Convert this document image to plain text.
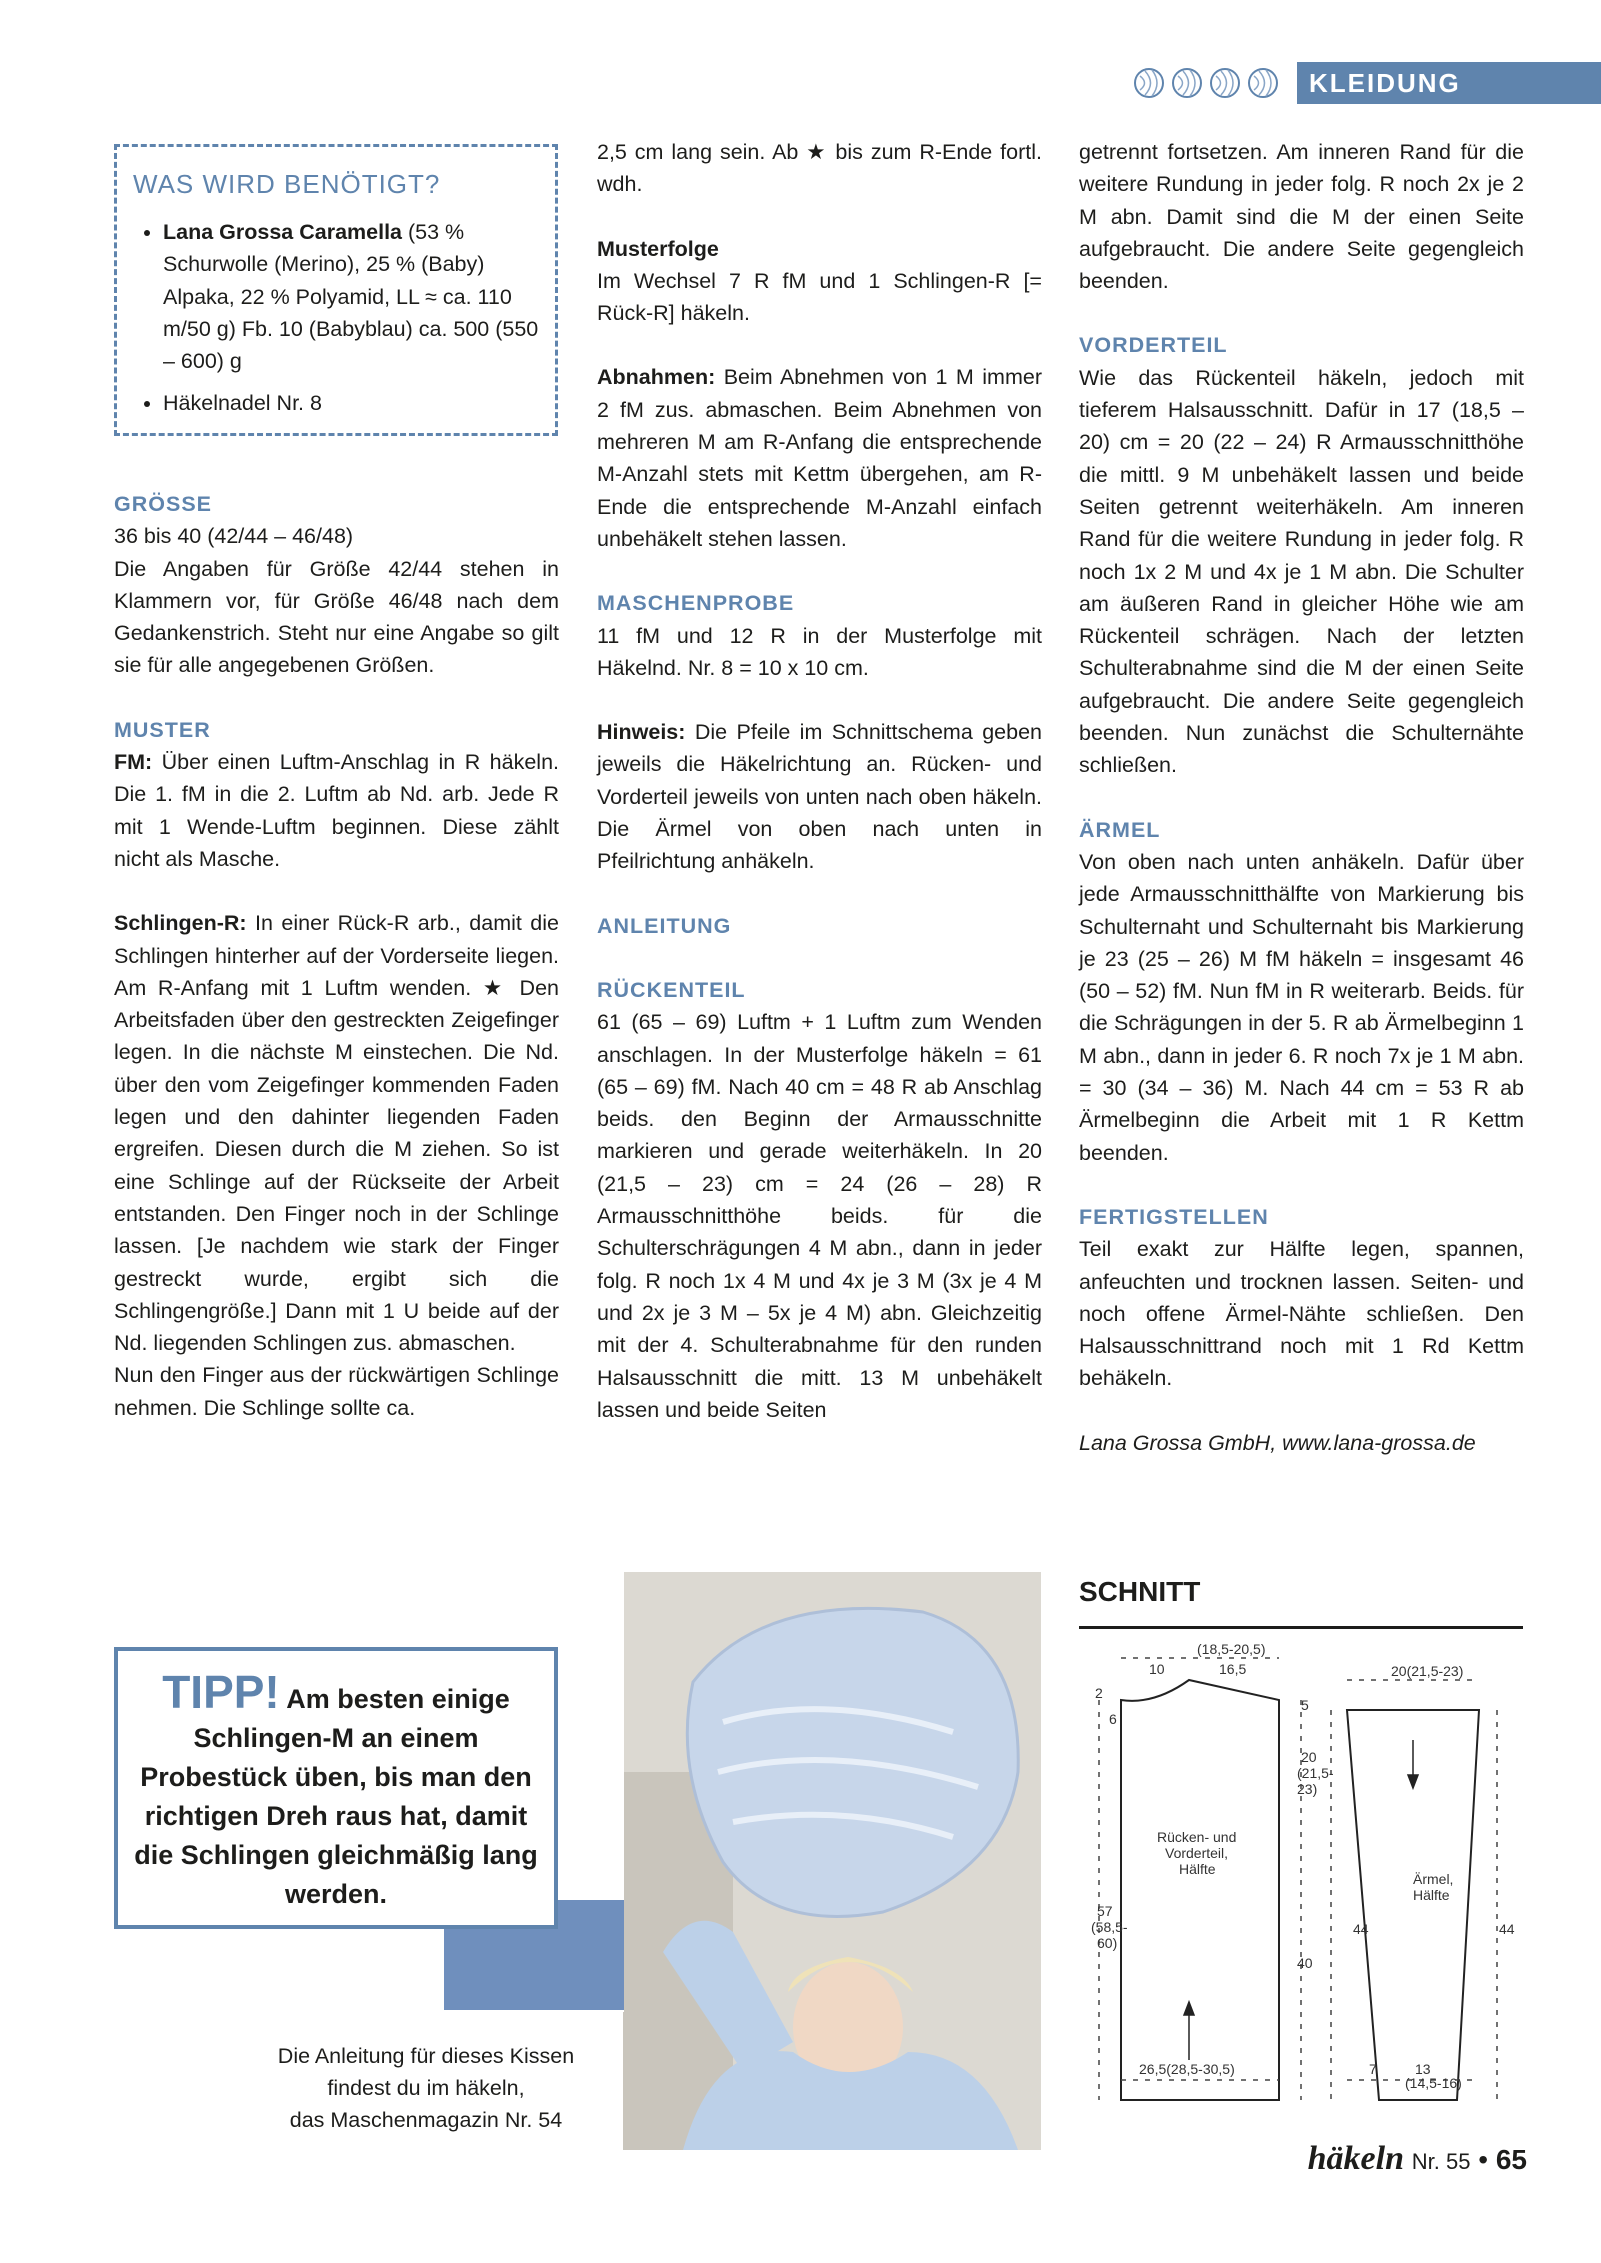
KLEIDUNG
WAS WIRD BENÖTIGT?
• Lana Grossa Caramella (53 % Schurwolle (Merino), 25 % (Baby) Alpaka, 22 % Polyamid, LL ≈ ca. 110 m/50 g) Fb. 10 (Babyblau) ca. 500 (550 – 600) g
• Häkelnadel Nr. 8

GRÖSSE

36 bis 40 (42/44 – 46/48)

Die Angaben für Größe 42/44 stehen in Klammern vor, für Größe 46/48 nach dem Gedankenstrich. Steht nur eine Angabe so gilt sie für alle angegebenen Größen.

MUSTER

FM: Über einen Luftm-Anschlag in R häkeln. Die 1. fM in die 2. Luftm ab Nd. arb. Jede R mit 1 Wende-Luftm beginnen. Diese zählt nicht als Masche.

Schlingen-R: In einer Rück-R arb., damit die Schlingen hinterher auf der Vorderseite liegen. Am R-Anfang mit 1 Luftm wenden. ★ Den Arbeitsfaden über den gestreckten Zeigefinger legen. In die nächste M einstechen. Die Nd. über den vom Zeigefinger kommenden Faden legen und den dahinter liegenden Faden ergreifen. Diesen durch die M ziehen. So ist eine Schlinge auf der Rückseite der Arbeit entstanden. Den Finger noch in der Schlinge lassen. [Je nachdem wie stark der Finger gestreckt wurde, ergibt sich die Schlingengröße.] Dann mit 1 U beide auf der Nd. liegenden Schlingen zus. abmaschen.

Nun den Finger aus der rückwärtigen Schlinge nehmen. Die Schlinge sollte ca.

2,5 cm lang sein. Ab ★ bis zum R-Ende fortl. wdh.

Musterfolge

Im Wechsel 7 R fM und 1 Schlingen-R [= Rück-R] häkeln.

Abnahmen: Beim Abnehmen von 1 M immer 2 fM zus. abmaschen. Beim Abnehmen von mehreren M am R-Anfang die entsprechende M-Anzahl stets mit Kettm übergehen, am R-Ende die entsprechende M-Anzahl einfach unbehäkelt stehen lassen.

MASCHENPROBE

11 fM und 12 R in der Musterfolge mit Häkelnd. Nr. 8 = 10 x 10 cm.

Hinweis: Die Pfeile im Schnittschema geben jeweils die Häkelrichtung an. Rücken- und Vorderteil jeweils von unten nach oben häkeln. Die Ärmel von oben nach unten in Pfeilrichtung anhäkeln.

ANLEITUNG

RÜCKENTEIL

61 (65 – 69) Luftm + 1 Luftm zum Wenden anschlagen. In der Musterfolge häkeln = 61 (65 – 69) fM. Nach 40 cm = 48 R ab Anschlag beids. den Beginn der Armausschnitte markieren und gerade weiterhäkeln. In 20 (21,5 – 23) cm = 24 (26 – 28) R Armausschnitthöhe beids. für die Schulterschrägungen 4 M abn., dann in jeder folg. R noch 1x 4 M und 4x je 3 M (3x je 4 M und 2x je 3 M – 5x je 4 M) abn. Gleichzeitig mit der 4. Schulterabnahme für den runden Halsausschnitt die mitt. 13 M unbehäkelt lassen und beide Seiten

getrennt fortsetzen. Am inneren Rand für die weitere Rundung in jeder folg. R noch 2x je 2 M abn. Damit sind die M der einen Seite aufgebraucht. Die andere Seite gegengleich beenden.

VORDERTEIL

Wie das Rückenteil häkeln, jedoch mit tieferem Halsausschnitt. Dafür in 17 (18,5 – 20) cm = 20 (22 – 24) R Armausschnitthöhe die mittl. 9 M unbehäkelt lassen und beide Seiten getrennt weiterhäkeln. Am inneren Rand für die weitere Rundung in jeder folg. R noch 1x 2 M und 4x je 1 M abn. Die Schulter am äußeren Rand in gleicher Höhe wie am Rückenteil schrägen. Nach der letzten Schulterabnahme sind die M der einen Seite aufgebraucht. Die andere Seite gegengleich beenden. Nun zunächst die Schulternähte schließen.

ÄRMEL

Von oben nach unten anhäkeln. Dafür über jede Armausschnitthälfte von Markierung bis Schulternaht und Schulternaht bis Markierung je 23 (25 – 26) M fM häkeln = insgesamt 46 (50 – 52) fM. Nun fM in R weiterarb. Beids. für die Schrägungen in der 5. R ab Ärmelbeginn 1 M abn., dann in jeder 6. R noch 7x je 1 M abn. = 30 (34 – 36) M. Nach 44 cm = 53 R ab Ärmelbeginn die Arbeit mit 1 R Kettm beenden.

FERTIGSTELLEN

Teil exakt zur Hälfte legen, spannen, anfeuchten und trocknen lassen. Seiten- und noch offene Ärmel-Nähte schließen. Den Halsausschnittrand noch mit 1 Rd Kettm behäkeln.

Lana Grossa GmbH, www.lana-grossa.de

TIPP! Am besten einige Schlingen-M an einem Probestück üben, bis man den richtigen Dreh raus hat, damit die Schlingen gleichmäßig lang werden.
Die Anleitung für dieses Kissen
findest du im häkeln,
das Maschenmagazin Nr. 54
SCHNITT
(18,5-20,5)
10	16,5
2
6
5
20
(21,5-
23)
Rücken- und
Vorderteil,
Hälfte
57
(58,5-
60)
40
26,5(28,5-30,5)
20(21,5-23)
Ärmel,
Hälfte
44	44
7	13
(14,5-16)
häkeln Nr. 55 • 65
